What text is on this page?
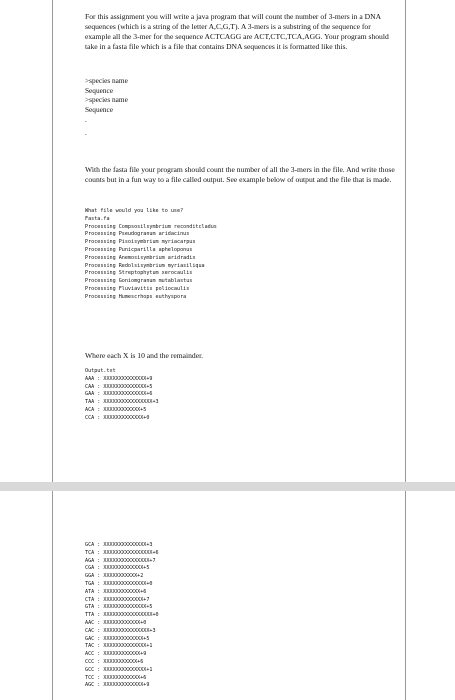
For this assignment you will write a java program that will count the number of 3-mers in a DNA sequences (which is a string of the letter A,C,G,T). A 3-mers is a substring of the sequence for example all the 3-mer for the sequence ACTCAGG are ACT,CTC,TCA,AGG. Your program should take in a fasta file which is a file that contains DNA sequences it is formatted like this.

>species name

Sequence

>species name

Sequence

.

.

With the fasta file your program should count the number of all the 3-mers in the file. And write those counts but in a fun way to a file called output. See example below of output and the file that is made.

What file would you like to use?

Fasta.fa

Processing Compsosilsymbrium reconditcladus

Processing Pseudogranum aridacinus

Processing Pisoisymbrium myriacarpus

Processing Punicparilla apheloponus

Processing Anemosisymbrium aridradix

Processing Redolsisymbrium myriasiliqua

Processing Streptophytum xerocaulis

Processing Goniomgranum mutablastus

Processing Fluviavitis poliocaulis

Processing Humescrhops euthyspora

Where each X is 10 and the remainder.

Output.txt

AAA : XXXXXXXXXXXXXX+9

CAA : XXXXXXXXXXXXXX+5

GAA : XXXXXXXXXXXXXX+6

TAA : XXXXXXXXXXXXXXXX+3

ACA : XXXXXXXXXXXX+5

CCA : XXXXXXXXXXXXX+0

GCA : XXXXXXXXXXXXXX+3

TCA : XXXXXXXXXXXXXXXX+6

AGA : XXXXXXXXXXXXXXX+7

CGA : XXXXXXXXXXXXX+5

GGA : XXXXXXXXXXX+2

TGA : XXXXXXXXXXXXXX+0

ATA : XXXXXXXXXXXX+6

CTA : XXXXXXXXXXXXX+7

GTA : XXXXXXXXXXXXXX+5

TTA : XXXXXXXXXXXXXXXX+0

AAC : XXXXXXXXXXXX+0

CAC : XXXXXXXXXXXXXXX+3

GAC : XXXXXXXXXXXXX+5

TAC : XXXXXXXXXXXXXX+1

ACC : XXXXXXXXXXXX+9

CCC : XXXXXXXXXXX+6

GCC : XXXXXXXXXXXXXX+1

TCC : XXXXXXXXXXXX+6

AGC : XXXXXXXXXXXXX+9
